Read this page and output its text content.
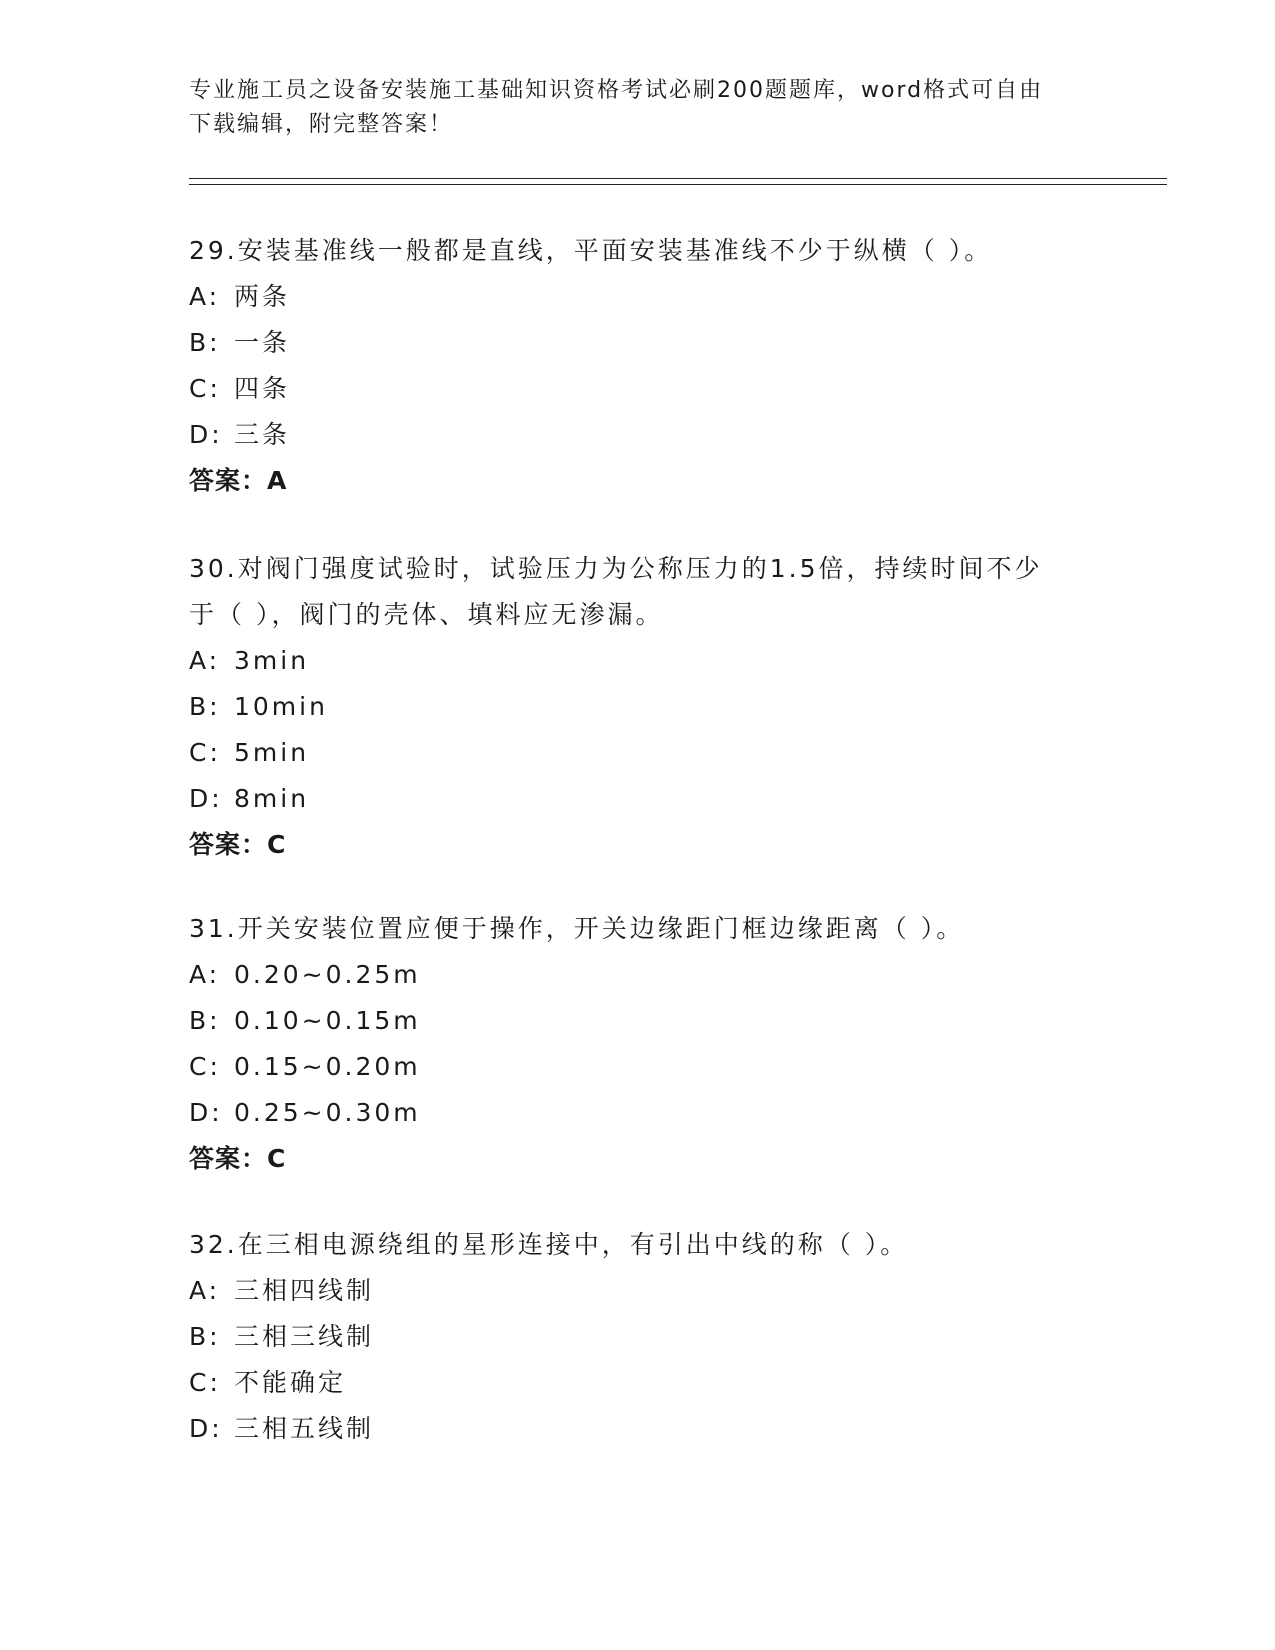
专业施工员之设备安装施工基础知识资格考试必刷200题题库，word格式可自由
下载编辑，附完整答案！

29.安装基准线一般都是直线，平面安装基准线不少于纵横（ ）。

A: 两条

B: 一条

C: 四条

D: 三条

答案：A

30.对阀门强度试验时，试验压力为公称压力的1.5倍，持续时间不少

于（ ），阀门的壳体、填料应无渗漏。

A: 3min

B: 10min

C: 5min

D: 8min

答案：C

31.开关安装位置应便于操作，开关边缘距门框边缘距离（ ）。

A: 0.20~0.25m

B: 0.10~0.15m

C: 0.15~0.20m

D: 0.25~0.30m

答案：C

32.在三相电源绕组的星形连接中，有引出中线的称（ ）。

A: 三相四线制

B: 三相三线制

C: 不能确定

D: 三相五线制
